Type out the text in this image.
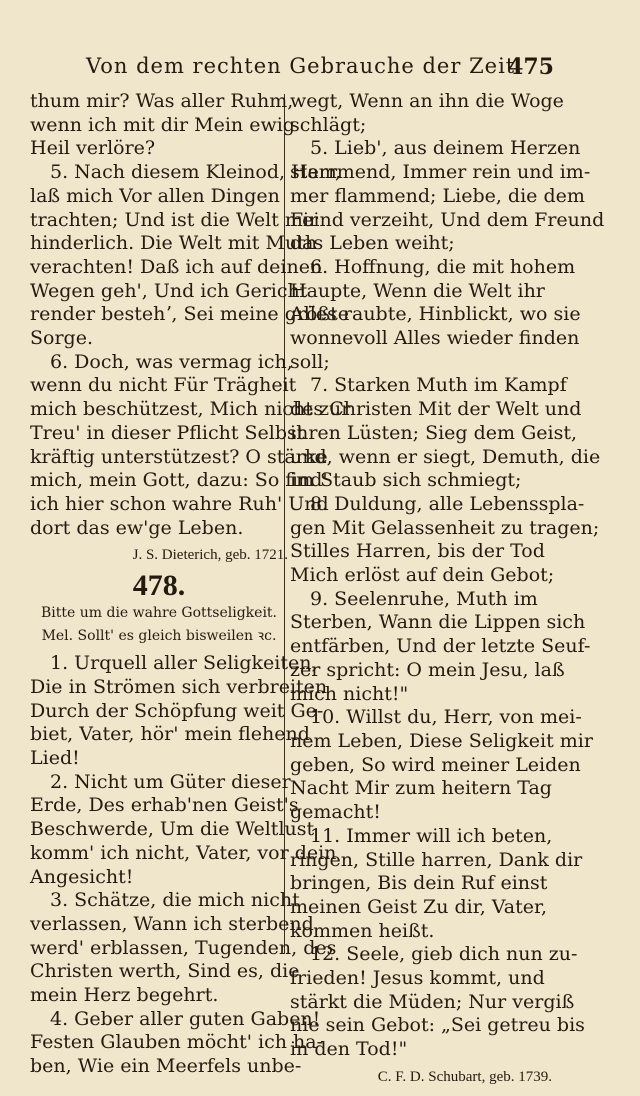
Von dem rechten Gebrauche der Zeit.
475

thum mir? Was aller Ruhm,
wenn ich mit dir Mein ewig
Heil verlöre?

5. Nach diesem Kleinod, Herr,
laß mich Vor allen Dingen
trachten; Und ist die Welt mir
hinderlich. Die Welt mit Muth
verachten! Daß ich auf deinen
Wegen geh', Und ich Gericht
render bestehʼ, Sei meine größte
Sorge.

6. Doch, was vermag ich,
wenn du nicht Für Trägheit
mich beschützest, Mich nicht zur
Treu' in dieser Pflicht Selbst
kräftig unterstützest? O stärke
mich, mein Gott, dazu: So find'
ich hier schon wahre Ruh' Und
dort das ew'ge Leben.

J. S. Dieterich, geb. 1721.
478.
Bitte um die wahre Gottseligkeit.
Mel. Sollt' es gleich bisweilen ꝛc.

1. Urquell aller Seligkeiten,
Die in Strömen sich verbreiten
Durch der Schöpfung weit Ge-
biet, Vater, hör' mein flehend
Lied!

2. Nicht um Güter dieser
Erde, Des erhab'nen Geist's
Beschwerde, Um die Weltlust
komm' ich nicht, Vater, vor dein
Angesicht!

3. Schätze, die mich nicht
verlassen, Wann ich sterbend
werd' erblassen, Tugenden, des
Christen werth, Sind es, die
mein Herz begehrt.

4. Geber aller guten Gaben!
Festen Glauben möcht' ich ha-
ben, Wie ein Meerfels unbe-

wegt, Wenn an ihn die Woge
schlägt;

5. Lieb', aus deinem Herzen
stammend, Immer rein und im-
mer flammend; Liebe, die dem
Feind verzeiht, Und dem Freund
das Leben weiht;

6. Hoffnung, die mit hohem
Haupte, Wenn die Welt ihr
Alles raubte, Hinblickt, wo sie
wonnevoll Alles wieder finden
soll;

7. Starken Muth im Kampf
des Christen Mit der Welt und
ihren Lüsten; Sieg dem Geist,
und, wenn er siegt, Demuth, die
im Staub sich schmiegt;

8. Duldung, alle Lebensspla-
gen Mit Gelassenheit zu tragen;
Stilles Harren, bis der Tod
Mich erlöst auf dein Gebot;

9. Seelenruhe, Muth im
Sterben, Wann die Lippen sich
entfärben, Und der letzte Seuf-
zer spricht: O mein Jesu, laß
mich nicht!"

10. Willst du, Herr, von mei-
nem Leben, Diese Seligkeit mir
geben, So wird meiner Leiden
Nacht Mir zum heitern Tag
gemacht!

11. Immer will ich beten,
ringen, Stille harren, Dank dir
bringen, Bis dein Ruf einst
meinen Geist Zu dir, Vater,
kommen heißt.

12. Seele, gieb dich nun zu-
frieden! Jesus kommt, und
stärkt die Müden; Nur vergiß
nie sein Gebot: „Sei getreu bis
in den Tod!"

C. F. D. Schubart, geb. 1739.
